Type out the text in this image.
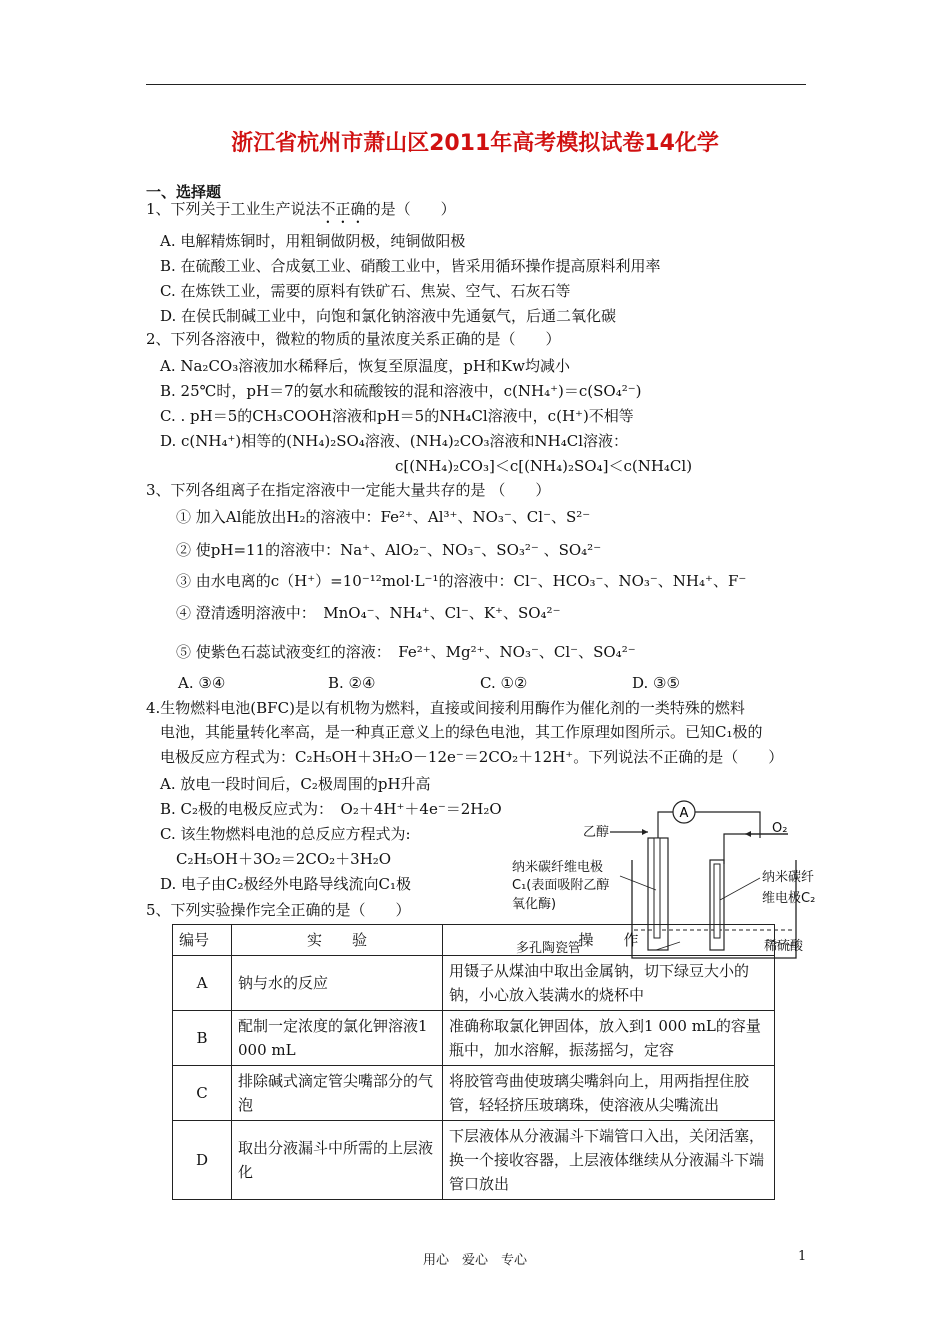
浙江省杭州市萧山区2011年高考模拟试卷14化学
一、选择题
1、下列关于工业生产说法不正确的是（　　）
A. 电解精炼铜时，用粗铜做阴极，纯铜做阳极
B. 在硫酸工业、合成氨工业、硝酸工业中，皆采用循环操作提高原料利用率
C. 在炼铁工业，需要的原料有铁矿石、焦炭、空气、石灰石等
D. 在侯氏制碱工业中，向饱和氯化钠溶液中先通氨气，后通二氧化碳
2、下列各溶液中，微粒的物质的量浓度关系正确的是（　　）
A. Na₂CO₃溶液加水稀释后，恢复至原温度，pH和Kw均减小
B. 25℃时，pH＝7的氨水和硫酸铵的混和溶液中，c(NH₄⁺)＝c(SO₄²⁻)
C. . pH＝5的CH₃COOH溶液和pH＝5的NH₄Cl溶液中，c(H⁺)不相等
D. c(NH₄⁺)相等的(NH₄)₂SO₄溶液、(NH₄)₂CO₃溶液和NH₄Cl溶液：
c[(NH₄)₂CO₃]＜c[(NH₄)₂SO₄]＜c(NH₄Cl)
3、下列各组离子在指定溶液中一定能大量共存的是 （　　）
① 加入Al能放出H₂的溶液中：Fe²⁺、Al³⁺、NO₃⁻、Cl⁻、S²⁻
② 使pH=11的溶液中：Na⁺、AlO₂⁻、NO₃⁻、SO₃²⁻ 、SO₄²⁻
③ 由水电离的c（H⁺）=10⁻¹²mol·L⁻¹的溶液中：Cl⁻、HCO₃⁻、NO₃⁻、NH₄⁺、F⁻
④ 澄清透明溶液中：　MnO₄⁻、NH₄⁺、Cl⁻、K⁺、SO₄²⁻
⑤ 使紫色石蕊试液变红的溶液：　Fe²⁺、Mg²⁺、NO₃⁻、Cl⁻、SO₄²⁻
A. ③④	B. ②④	C. ①②	D. ③⑤
4.生物燃料电池(BFC)是以有机物为燃料，直接或间接利用酶作为催化剂的一类特殊的燃料
电池，其能量转化率高，是一种真正意义上的绿色电池，其工作原理如图所示。已知C₁极的
电极反应方程式为：C₂H₅OH＋3H₂O－12e⁻＝2CO₂＋12H⁺。下列说法不正确的是（　　）
A. 放电一段时间后，C₂极周围的pH升高
B. C₂极的电极反应式为：　O₂＋4H⁺＋4e⁻＝2H₂O
C. 该生物燃料电池的总反应方程式为:
C₂H₅OH＋3O₂＝2CO₂＋3H₂O
D. 电子由C₂极经外电路导线流向C₁极
A
乙醇	O₂
纳米碳纤维电极
C₁(表面吸附乙醇
氧化酶)
纳米碳纤
维电极C₂
多孔陶瓷管	稀硫酸
5、下列实验操作完全正确的是（　　）
编号	实　　验	操　　作
A	钠与水的反应	用镊子从煤油中取出金属钠，切下绿豆大小的钠，小心放入装满水的烧杯中
B	配制一定浓度的氯化钾溶液1 000 mL	准确称取氯化钾固体，放入到1 000 mL的容量瓶中，加水溶解，振荡摇匀，定容
C	排除碱式滴定管尖嘴部分的气泡	将胶管弯曲使玻璃尖嘴斜向上，用两指捏住胶管，轻轻挤压玻璃珠，使溶液从尖嘴流出
D	取出分液漏斗中所需的上层液化	下层液体从分液漏斗下端管口入出，关闭活塞，换一个接收容器，上层液体继续从分液漏斗下端管口放出
用心　爱心　专心	1
